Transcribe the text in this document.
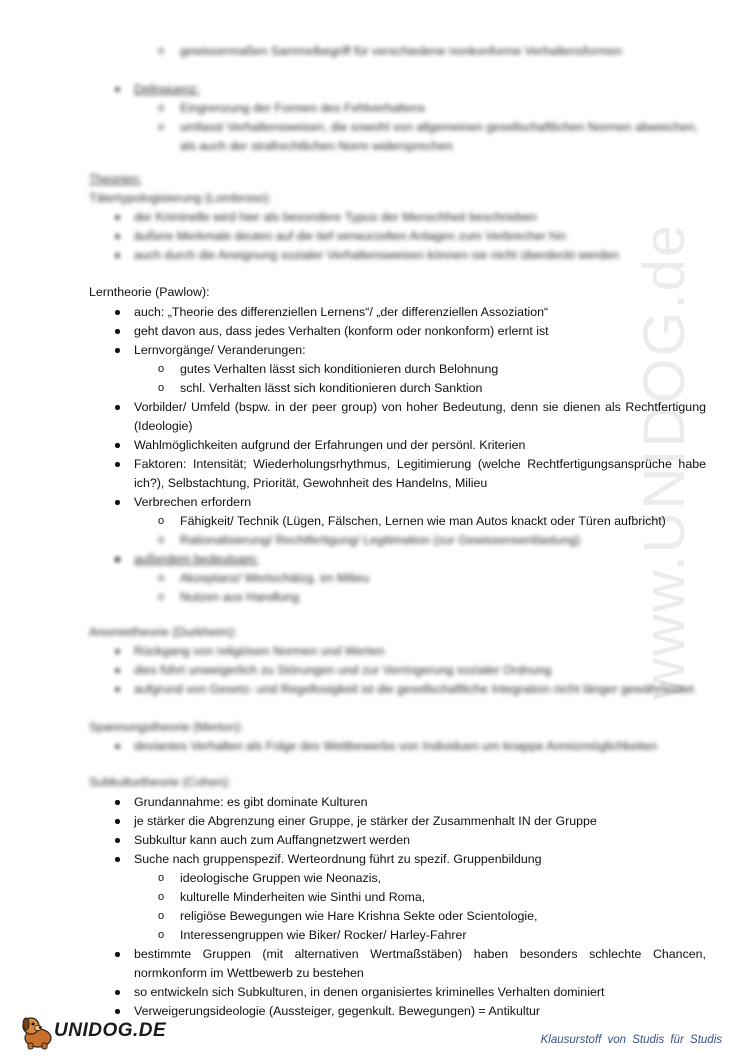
www.UNIDOG.de
o gewissermaßen Sammelbegriff für verschiedene nonkonforme Verhaltensformen
Delinquenz:
o Eingrenzung der Formen des Fehlverhaltens
o umfasst Verhaltensweisen, die sowohl von allgemeinen gesellschaftlichen Normen abweichen, als auch der strafrechtlichen Norm widersprechen
Theorien:
Tätertypologisierung (Lombroso):
der Kriminelle wird hier als besondere Typus der Menschheit beschrieben
äußere Merkmale deuten auf die tief verwurzelten Anlagen zum Verbrecher hin
auch durch die Aneignung sozialer Verhaltensweisen können sie nicht überdeckt werden
Lerntheorie (Pawlow):
auch: „Theorie des differenziellen Lernens“/ „der differenziellen Assoziation“
geht davon aus, dass jedes Verhalten (konform oder nonkonform) erlernt ist
Lernvorgänge/ Veranderungen:
o gutes Verhalten lässt sich konditionieren durch Belohnung
o schl. Verhalten lässt sich konditionieren durch Sanktion
Vorbilder/ Umfeld (bspw. in der peer group) von hoher Bedeutung, denn sie dienen als Rechtfertigung (Ideologie)
Wahlmöglichkeiten aufgrund der Erfahrungen und der persönl. Kriterien
Faktoren: Intensität; Wiederholungsrhythmus, Legitimierung (welche Rechtfertigungsansprüche habe ich?), Selbstachtung, Priorität, Gewohnheit des Handelns, Milieu
Verbrechen erfordern
o Fähigkeit/ Technik (Lügen, Fälschen, Lernen wie man Autos knackt oder Türen aufbricht)
o Rationalisierung/ Rechtfertigung/ Legitimation (zur Gewissensentlastung)
außerdem bedeutsam:
o Akzeptanz/ Wertschätzg. im Milieu
o Nutzen aus Handlung
Anomietheorie (Durkheim):
Rückgang von religiösen Normen und Werten
dies führt unweigerlich zu Störungen und zur Verringerung sozialer Ordnung
aufgrund von Gesetz- und Regellosigkeit ist die gesellschaftliche Integration nicht länger gewährleistet
Spannungstheorie (Merton):
deviantes Verhalten als Folge des Wettbewerbs von Individuen um knappe Anreizmöglichkeiten
Subkulturtheorie (Cohen):
Grundannahme: es gibt dominate Kulturen
je stärker die Abgrenzung einer Gruppe, je stärker der Zusammenhalt IN der Gruppe
Subkultur kann auch zum Auffangnetzwert werden
Suche nach gruppenspezif. Werteordnung führt zu spezif. Gruppenbildung
o ideologische Gruppen wie Neonazis,
o kulturelle Minderheiten wie Sinthi und Roma,
o religiöse Bewegungen wie Hare Krishna Sekte oder Scientologie,
o Interessengruppen wie Biker/ Rocker/ Harley-Fahrer
bestimmte Gruppen (mit alternativen Wertmaßstäben) haben besonders schlechte Chancen, normkonform im Wettbewerb zu bestehen
so entwickeln sich Subkulturen, in denen organisiertes kriminelles Verhalten dominiert
Verweigerungsideologie (Aussteiger, gegenkult. Bewegungen) = Antikultur
UNIDOG.DE	Klausurstoff von Studis für Studis
